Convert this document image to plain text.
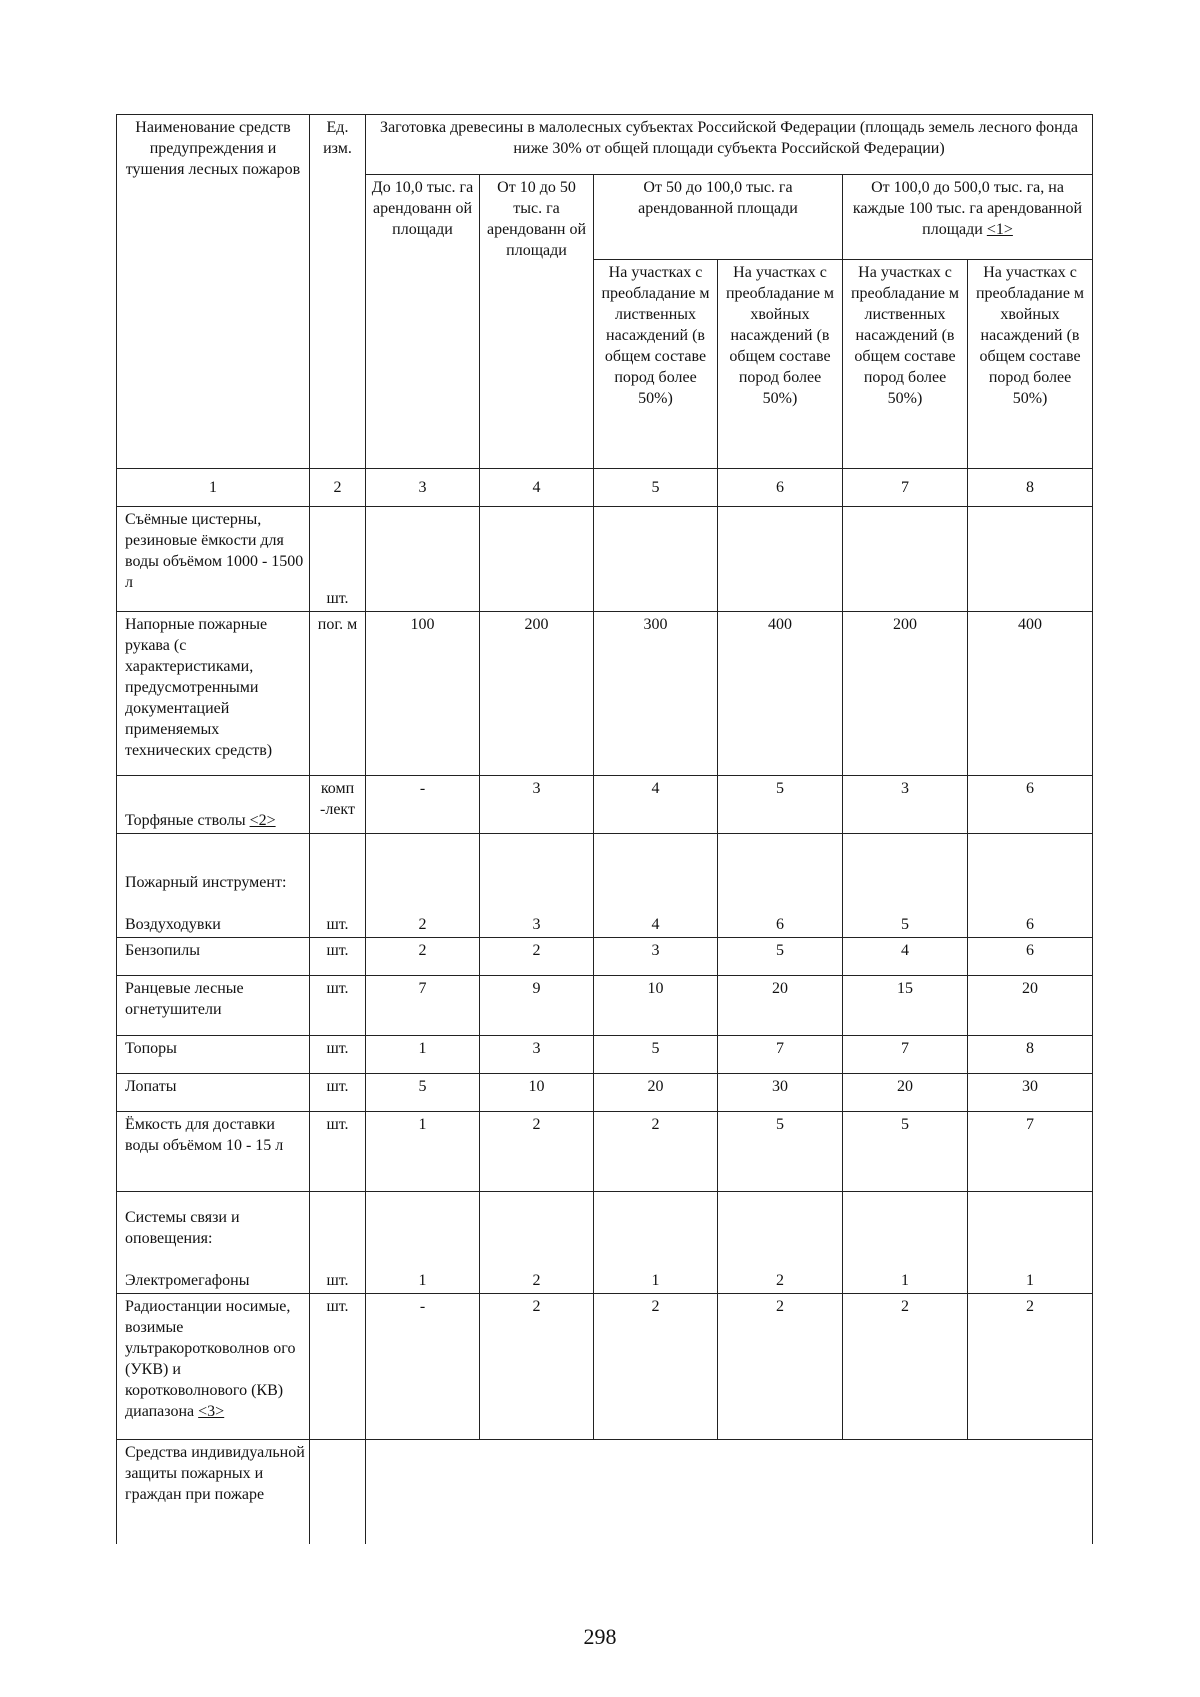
Наименование средств предупреждения и тушения лесных пожаров	Ед. изм.	Заготовка древесины в малолесных субъектах Российской Федерации (площадь земель лесного фонда ниже 30% от общей площади субъекта Российской Федерации)					
		До 10,0 тыс. га арендованн ой площади	От 10 до 50 тыс. га арендованн ой площади	От 50 до 100,0 тыс. га арендованной площади		От 100,0 до 500,0 тыс. га, на каждые 100 тыс. га арендованной площади <1>	
				На участках с преобладание м лиственных насаждений (в общем составе пород более 50%)	На участках с преобладание м хвойных насаждений (в общем составе пород более 50%)	На участках с преобладание м лиственных насаждений (в общем составе пород более 50%)	На участках с преобладание м хвойных насаждений (в общем составе пород более 50%)
1	2	3	4	5	6	7	8
Съёмные цистерны, резиновые ёмкости для воды объёмом 1000 - 1500 л	шт.						
Напорные пожарные рукава (с характеристиками, предусмотренными документацией применяемых технических средств)	пог. м	100	200	300	400	200	400
Торфяные стволы <2>	комп -лект	-	3	4	5	3	6

Пожарный инструмент:
Воздуходувки	шт.	2	3	4	6	5	6
Бензопилы	шт.	2	2	3	5	4	6
Ранцевые лесные огнетушители	шт.	7	9	10	20	15	20
Топоры	шт.	1	3	5	7	7	8
Лопаты	шт.	5	10	20	30	20	30
Ёмкость для доставки воды объёмом 10 - 15 л	шт.	1	2	2	5	5	7

Системы связи и оповещения:
Электромегафоны	шт.	1	2	1	2	1	1
Радиостанции носимые, возимые ультракоротковолнов ого (УКВ) и коротковолнового (КВ) диапазона <3>	шт.	-	2	2	2	2	2
Средства индивидуальной защиты пожарных и граждан при пожаре							
298
